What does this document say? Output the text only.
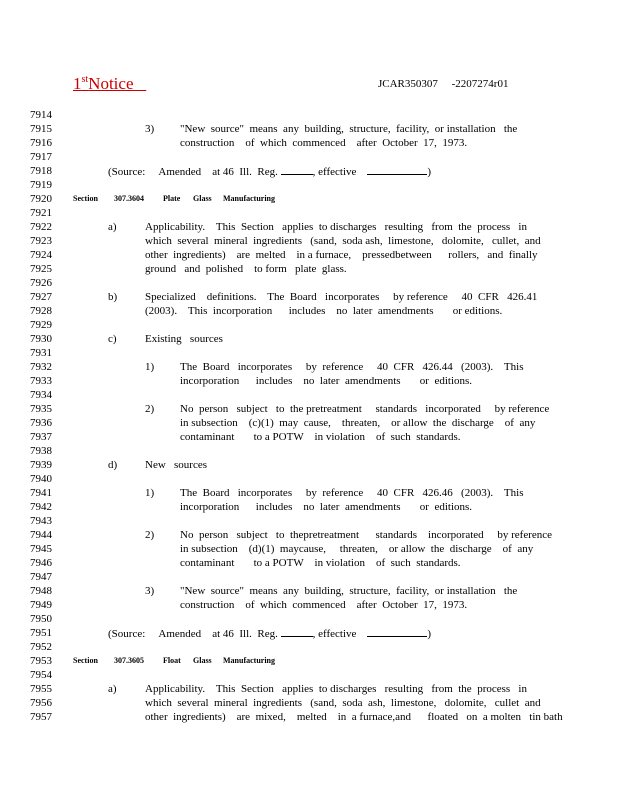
1stNotice	JCAR350307     -2207274r01
7914
7915	3) "New  source"  means  any  building,  structure,  facility,  or installation   the
7916	construction    of  which  commenced    after  October  17,  1973.
7917
7918	(Source:     Amended    at 46  Ill.  Reg.	, effective	)
7919
7920	Section 307.3604 Plate Glass Manufacturing
7921
7922	a)	Applicability.    This  Section   applies  to discharges   resulting   from  the  process   in
7923	which  several  mineral  ingredients   (sand,  soda ash,  limestone,   dolomite,   cullet,  and
7924	other  ingredients)    are  melted    in a furnace,    pressedbetween      rollers,   and  finally
7925	ground   and  polished    to form   plate  glass.
7926
7927	b)	Specialized    definitions.    The  Board   incorporates     by reference     40  CFR   426.41
7928	(2003).    This  incorporation      includes    no  later  amendments       or editions.
7929
7930	c)	Existing   sources
7931
7932	1) The  Board   incorporates     by  reference     40  CFR   426.44   (2003).    This
7933	incorporation      includes    no  later  amendments       or  editions.
7934
7935	2) No  person   subject   to  the pretreatment     standards   incorporated     by reference
7936	in subsection    (c)(1)  may  cause,    threaten,    or allow  the  discharge    of  any
7937	contaminant       to a POTW    in violation    of  such  standards.
7938
7939	d)	New   sources
7940
7941	1) The  Board   incorporates     by  reference     40  CFR   426.46   (2003).    This
7942	incorporation      includes    no  later  amendments       or  editions.
7943
7944	2) No  person   subject   to  thepretreatment      standards    incorporated     by reference
7945	in subsection    (d)(1)  maycause,     threaten,    or allow  the  discharge    of  any
7946	contaminant       to a POTW    in violation    of  such  standards.
7947
7948	3) "New  source"  means  any  building,  structure,  facility,  or installation   the
7949	construction    of  which  commenced    after  October  17,  1973.
7950
7951	(Source:     Amended    at 46  Ill.  Reg.	, effective	)
7952
7953	Section 307.3605 Float Glass Manufacturing
7954
7955	a)	Applicability.    This  Section   applies  to discharges   resulting   from  the  process   in
7956	which  several  mineral  ingredients   (sand,  soda  ash,  limestone,   dolomite,   cullet  and
7957	other  ingredients)    are  mixed,    melted    in  a furnace,and      floated   on  a molten   tin bath
